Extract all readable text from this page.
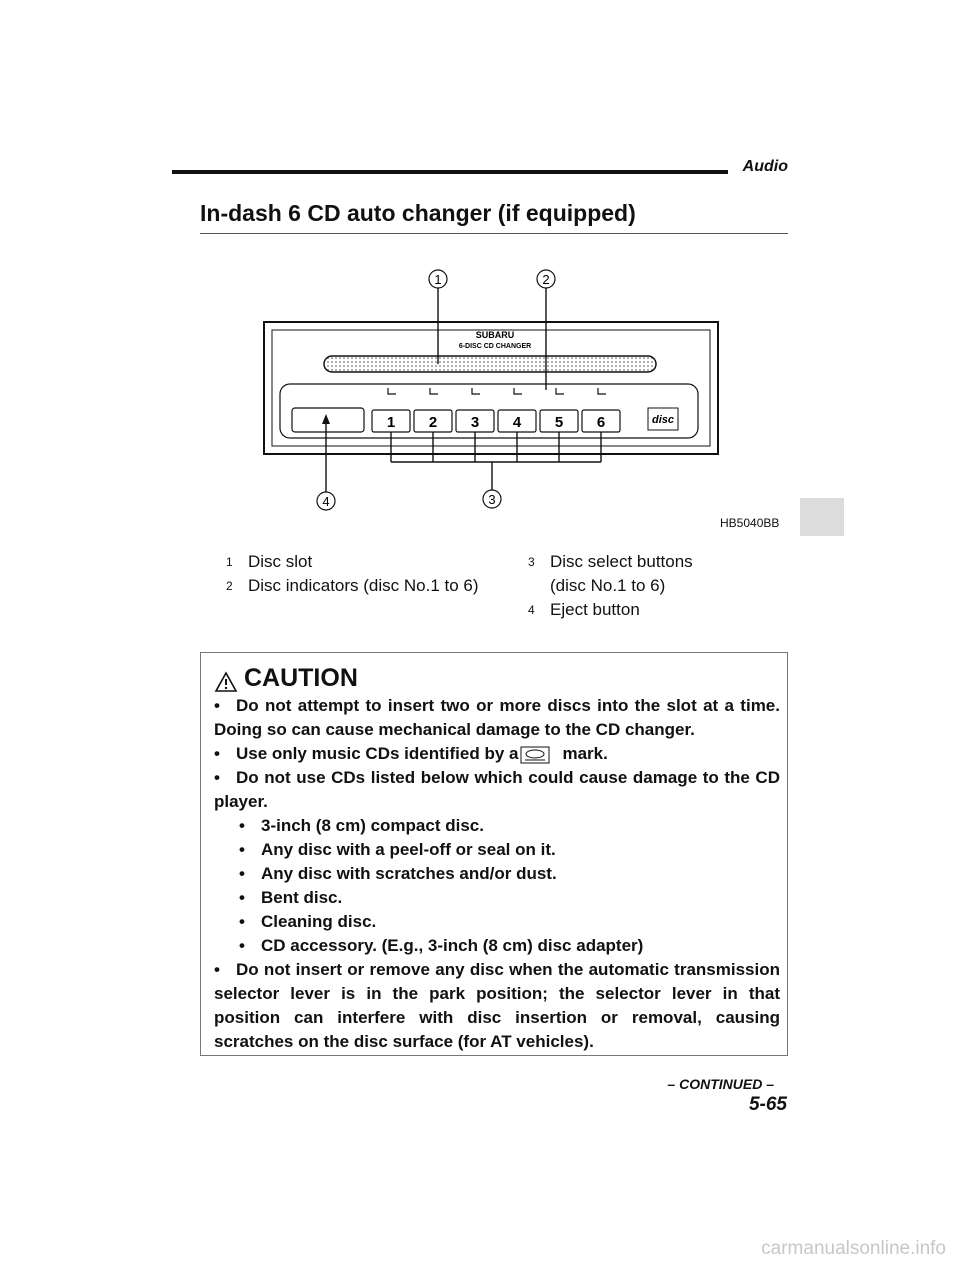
Audio
In-dash 6 CD auto changer (if equipped)
SUBARU
6-DISC CD CHANGER
1 2 3 4 5 6	disc
1	2
4	3
HB5040BB
1 Disc slot
2 Disc indicators (disc No.1 to 6)
3 Disc select buttons
(disc No.1 to 6)
4 Eject button
CAUTION

• Do not attempt to insert two or more discs into the slot at a time. Doing so can cause mechanical damage to the CD changer.

• Use only music CDs identified by a	mark.

• Do not use CDs listed below which could cause damage to the CD player.

• 3-inch (8 cm) compact disc.

• Any disc with a peel-off or seal on it.

• Any disc with scratches and/or dust.

• Bent disc.

• Cleaning disc.

• CD accessory. (E.g., 3-inch (8 cm) disc adapter)

• Do not insert or remove any disc when the automatic transmission selector lever is in the park position; the selector lever in that position can interfere with disc insertion or removal, causing scratches on the disc surface (for AT vehicles).

– CONTINUED –
5-65
carmanualsonline.info
